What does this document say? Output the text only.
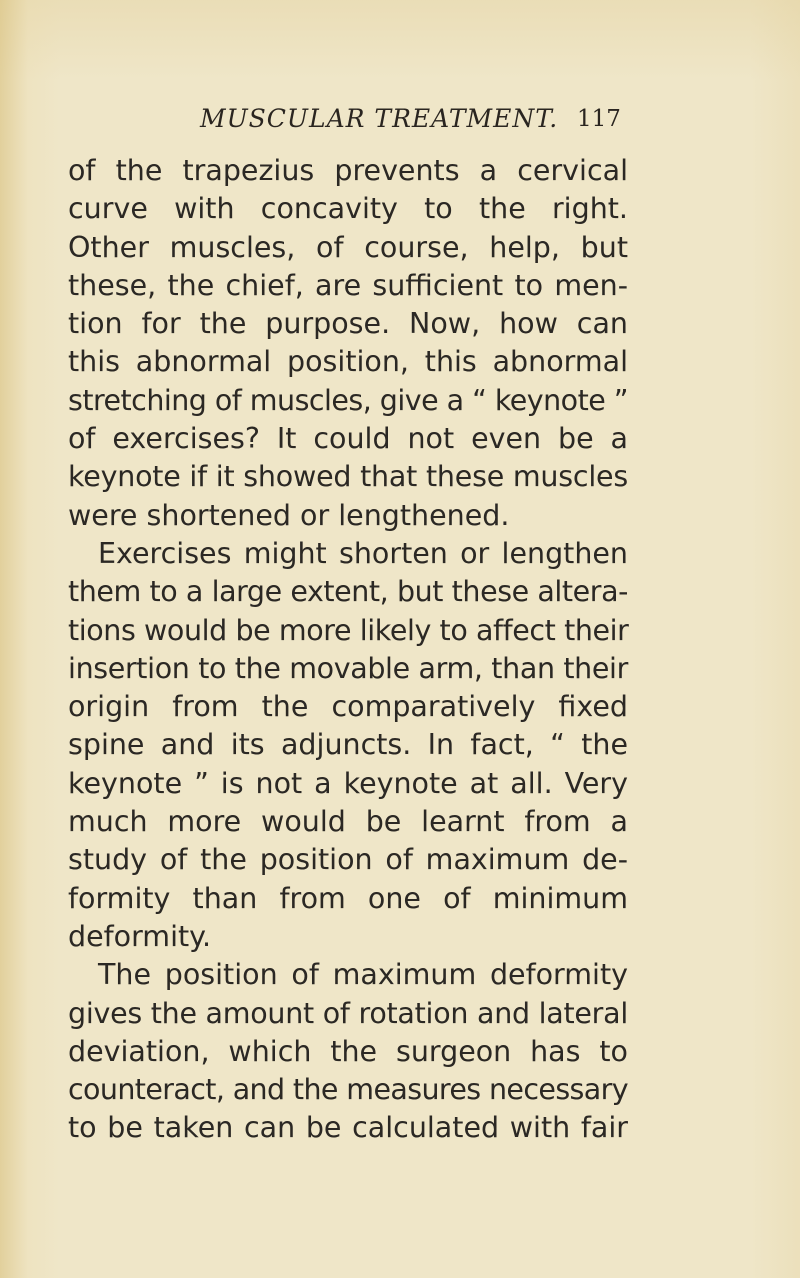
MUSCULAR TREATMENT. 117
of the trapezius prevents a cervical
curve with concavity to the right.
Other muscles, of course, help, but
these, the chief, are sufficient to men-
tion for the purpose. Now, how can
this abnormal position, this abnormal
stretching of muscles, give a “ keynote ”
of exercises? It could not even be a
keynote if it showed that these muscles
were shortened or lengthened.
Exercises might shorten or lengthen
them to a large extent, but these altera-
tions would be more likely to affect their
insertion to the movable arm, than their
origin from the comparatively fixed
spine and its adjuncts. In fact, “ the
keynote ” is not a keynote at all. Very
much more would be learnt from a
study of the position of maximum de-
formity than from one of minimum
deformity.
The position of maximum deformity
gives the amount of rotation and lateral
deviation, which the surgeon has to
counteract, and the measures necessary
to be taken can be calculated with fair
